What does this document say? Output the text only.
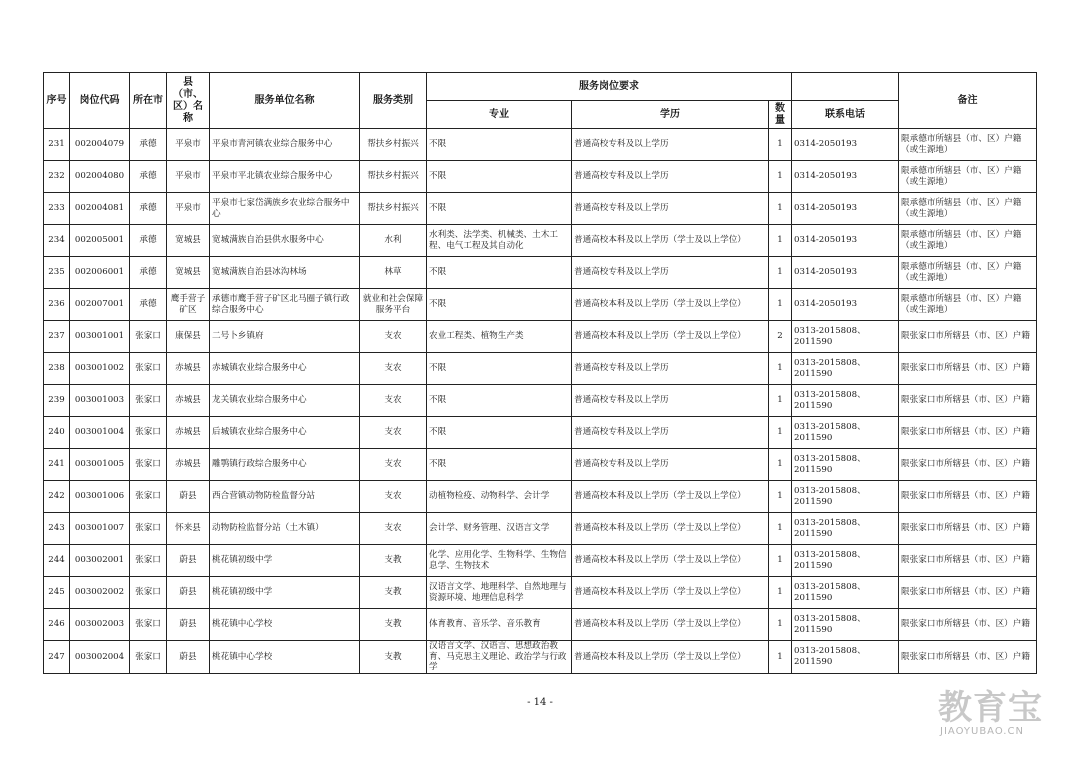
序号	岗位代码	所在市	县（市、区）名称	服务单位名称	服务类别	服务岗位要求				备注
						专业	学历	数量	联系电话	
231	002004079	承德	平泉市	平泉市青河镇农业综合服务中心	帮扶乡村振兴	不限	普通高校专科及以上学历	1	0314-2050193	限承德市所辖县（市、区）户籍（或生源地）
232	002004080	承德	平泉市	平泉市平北镇农业综合服务中心	帮扶乡村振兴	不限	普通高校专科及以上学历	1	0314-2050193	限承德市所辖县（市、区）户籍（或生源地）
233	002004081	承德	平泉市	平泉市七家岱满族乡农业综合服务中心	帮扶乡村振兴	不限	普通高校专科及以上学历	1	0314-2050193	限承德市所辖县（市、区）户籍（或生源地）
234	002005001	承德	宽城县	宽城满族自治县供水服务中心	水利	水利类、法学类、机械类、土木工程、电气工程及其自动化	普通高校本科及以上学历（学士及以上学位）	1	0314-2050193	限承德市所辖县（市、区）户籍（或生源地）
235	002006001	承德	宽城县	宽城满族自治县冰沟林场	林草	不限	普通高校专科及以上学历	1	0314-2050193	限承德市所辖县（市、区）户籍（或生源地）
236	002007001	承德	鹰手营子矿区	承德市鹰手营子矿区北马圈子镇行政综合服务中心	就业和社会保障服务平台	不限	普通高校本科及以上学历（学士及以上学位）	1	0314-2050193	限承德市所辖县（市、区）户籍（或生源地）
237	003001001	张家口	康保县	二号卜乡镇府	支农	农业工程类、植物生产类	普通高校本科及以上学历（学士及以上学位）	2	0313-2015808、2011590	限张家口市所辖县（市、区）户籍
238	003001002	张家口	赤城县	赤城镇农业综合服务中心	支农	不限	普通高校专科及以上学历	1	0313-2015808、2011590	限张家口市所辖县（市、区）户籍
239	003001003	张家口	赤城县	龙关镇农业综合服务中心	支农	不限	普通高校专科及以上学历	1	0313-2015808、2011590	限张家口市所辖县（市、区）户籍
240	003001004	张家口	赤城县	后城镇农业综合服务中心	支农	不限	普通高校专科及以上学历	1	0313-2015808、2011590	限张家口市所辖县（市、区）户籍
241	003001005	张家口	赤城县	雕鹗镇行政综合服务中心	支农	不限	普通高校专科及以上学历	1	0313-2015808、2011590	限张家口市所辖县（市、区）户籍
242	003001006	张家口	蔚县	西合营镇动物防检监督分站	支农	动植物检疫、动物科学、会计学	普通高校本科及以上学历（学士及以上学位）	1	0313-2015808、2011590	限张家口市所辖县（市、区）户籍
243	003001007	张家口	怀来县	动物防检监督分站（土木镇）	支农	会计学、财务管理、汉语言文学	普通高校本科及以上学历（学士及以上学位）	1	0313-2015808、2011590	限张家口市所辖县（市、区）户籍
244	003002001	张家口	蔚县	桃花镇初级中学	支教	化学、应用化学、生物科学、生物信息学、生物技术	普通高校本科及以上学历（学士及以上学位）	1	0313-2015808、2011590	限张家口市所辖县（市、区）户籍
245	003002002	张家口	蔚县	桃花镇初级中学	支教	汉语言文学、地理科学、自然地理与资源环境、地理信息科学	普通高校本科及以上学历（学士及以上学位）	1	0313-2015808、2011590	限张家口市所辖县（市、区）户籍
246	003002003	张家口	蔚县	桃花镇中心学校	支教	体育教育、音乐学、音乐教育	普通高校本科及以上学历（学士及以上学位）	1	0313-2015808、2011590	限张家口市所辖县（市、区）户籍
247	003002004	张家口	蔚县	桃花镇中心学校	支教	汉语言文学、汉语言、思想政治教育、马克思主义理论、政治学与行政学	普通高校本科及以上学历（学士及以上学位）	1	0313-2015808、2011590	限张家口市所辖县（市、区）户籍
- 14 -	教育宝
JIAOYUBAO.CN
